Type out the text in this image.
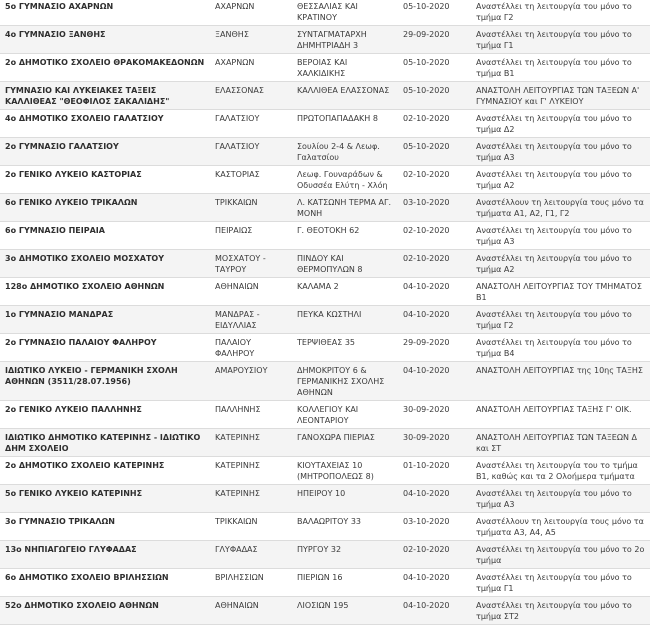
5ο ΓΥΜΝΑΣΙΟ ΑΧΑΡΝΩΝ	ΑΧΑΡΝΩΝ	ΘΕΣΣΑΛΙΑΣ ΚΑΙ ΚΡΑΤΙΝΟΥ	05-10-2020	Αναστέλλει τη λειτουργία του μόνο το τμήμα Γ2
4ο ΓΥΜΝΑΣΙΟ ΞΑΝΘΗΣ	ΞΑΝΘΗΣ	ΣΥΝΤΑΓΜΑΤΑΡΧΗ ΔΗΜΗΤΡΙΑΔΗ 3	29-09-2020	Αναστέλλει τη λειτουργία του μόνο το τμήμα Γ1
2ο ΔΗΜΟΤΙΚΟ ΣΧΟΛΕΙΟ ΘΡΑΚΟΜΑΚΕΔΟΝΩΝ	ΑΧΑΡΝΩΝ	ΒΕΡΟΙΑΣ ΚΑΙ ΧΑΛΚΙΔΙΚΗΣ	05-10-2020	Αναστέλλει τη λειτουργία του μόνο το τμήμα Β1
ΓΥΜΝΑΣΙΟ ΚΑΙ ΛΥΚΕΙΑΚΕΣ ΤΑΞΕΙΣ ΚΑΛΛΙΘΕΑΣ "ΘΕΟΦΙΛΟΣ ΣΑΚΑΛΙΔΗΣ"	ΕΛΑΣΣΟΝΑΣ	ΚΑΛΛΙΘΕΑ ΕΛΑΣΣΟΝΑΣ	05-10-2020	ΑΝΑΣΤΟΛΗ ΛΕΙΤΟΥΡΓΙΑΣ ΤΩΝ ΤΑΞΕΩΝ Α' ΓΥΜΝΑΣΙΟΥ και Γ' ΛΥΚΕΙΟΥ
4ο ΔΗΜΟΤΙΚΟ ΣΧΟΛΕΙΟ ΓΑΛΑΤΣΙΟΥ	ΓΑΛΑΤΣΙΟΥ	ΠΡΩΤΟΠΑΠΑΔΑΚΗ 8	02-10-2020	Αναστέλλει τη λειτουργία του μόνο το τμήμα Δ2
2ο ΓΥΜΝΑΣΙΟ ΓΑΛΑΤΣΙΟΥ	ΓΑΛΑΤΣΙΟΥ	Σουλίου 2-4 & Λεωφ. Γαλατσίου	05-10-2020	Αναστέλλει τη λειτουργία του μόνο το τμήμα Α3
2ο ΓΕΝΙΚΟ ΛΥΚΕΙΟ ΚΑΣΤΟΡΙΑΣ	ΚΑΣΤΟΡΙΑΣ	Λεωφ. Γουναράδων & Οδυσσέα Ελύτη - Χλόη	02-10-2020	Αναστέλλει τη λειτουργία του μόνο το τμήμα Α2
6ο ΓΕΝΙΚΟ ΛΥΚΕΙΟ ΤΡΙΚΑΛΩΝ	ΤΡΙΚΚΑΙΩΝ	Λ. ΚΑΤΣΩΝΗ ΤΕΡΜΑ ΑΓ. ΜΟΝΗ	03-10-2020	Αναστέλλουν τη λειτουργία τους μόνο τα τμήματα Α1, Α2, Γ1, Γ2
6ο ΓΥΜΝΑΣΙΟ ΠΕΙΡΑΙΑ	ΠΕΙΡΑΙΩΣ	Γ. ΘΕΟΤΟΚΗ 62	02-10-2020	Αναστέλλει τη λειτουργία του μόνο το τμήμα Α3
3ο ΔΗΜΟΤΙΚΟ ΣΧΟΛΕΙΟ ΜΟΣΧΑΤΟΥ	ΜΟΣΧΑΤΟΥ - ΤΑΥΡΟΥ	ΠΙΝΔΟΥ ΚΑΙ ΘΕΡΜΟΠΥΛΩΝ 8	02-10-2020	Αναστέλλει τη λειτουργία του μόνο το τμήμα Α2
128ο ΔΗΜΟΤΙΚΟ ΣΧΟΛΕΙΟ ΑΘΗΝΩΝ	ΑΘΗΝΑΙΩΝ	ΚΑΛΑΜΑ 2	04-10-2020	ΑΝΑΣΤΟΛΗ ΛΕΙΤΟΥΡΓΙΑΣ ΤΟΥ ΤΜΗΜΑΤΟΣ Β1
1ο ΓΥΜΝΑΣΙΟ ΜΑΝΔΡΑΣ	ΜΑΝΔΡΑΣ - ΕΙΔΥΛΛΙΑΣ	ΠΕΥΚΑ ΚΩΣΤΗΛΙ	04-10-2020	Αναστέλλει τη λειτουργία του μόνο το τμήμα Γ2
2ο ΓΥΜΝΑΣΙΟ ΠΑΛΑΙΟΥ ΦΑΛΗΡΟΥ	ΠΑΛΑΙΟΥ ΦΑΛΗΡΟΥ	ΤΕΡΨΙΘΕΑΣ 35	29-09-2020	Αναστέλλει τη λειτουργία του μόνο το τμήμα Β4
ΙΔΙΩΤΙΚΟ ΛΥΚΕΙΟ - ΓΕΡΜΑΝΙΚΗ ΣΧΟΛΗ ΑΘΗΝΩΝ (3511/28.07.1956)	ΑΜΑΡΟΥΣΙΟΥ	ΔΗΜΟΚΡΙΤΟΥ 6 & ΓΕΡΜΑΝΙΚΗΣ ΣΧΟΛΗΣ ΑΘΗΝΩΝ	04-10-2020	ΑΝΑΣΤΟΛΗ ΛΕΙΤΟΥΡΓΙΑΣ της 10ης ΤΑΞΗΣ
2ο ΓΕΝΙΚΟ ΛΥΚΕΙΟ ΠΑΛΛΗΝΗΣ	ΠΑΛΛΗΝΗΣ	ΚΟΛΛΕΓΙΟΥ ΚΑΙ ΛΕΟΝΤΑΡΙΟΥ	30-09-2020	ΑΝΑΣΤΟΛΗ ΛΕΙΤΟΥΡΓΙΑΣ ΤΑΞΗΣ Γ' ΟΙΚ.
ΙΔΙΩΤΙΚΟ ΔΗΜΟΤΙΚΟ ΚΑΤΕΡΙΝΗΣ - ΙΔΙΩΤΙΚΟ ΔΗΜ ΣΧΟΛΕΙΟ	ΚΑΤΕΡΙΝΗΣ	ΓΑΝΟΧΩΡΑ ΠΙΕΡΙΑΣ	30-09-2020	ΑΝΑΣΤΟΛΗ ΛΕΙΤΟΥΡΓΙΑΣ ΤΩΝ ΤΑΞΕΩΝ Δ και ΣΤ
2ο ΔΗΜΟΤΙΚΟ ΣΧΟΛΕΙΟ ΚΑΤΕΡΙΝΗΣ	ΚΑΤΕΡΙΝΗΣ	ΚΙΟΥΤΑΧΕΙΑΣ 10 (ΜΗΤΡΟΠΟΛΕΩΣ 8)	01-10-2020	Αναστέλλει τη λειτουργία του το τμήμα Β1, καθώς και τα 2 Ολοήμερα τμήματα
5ο ΓΕΝΙΚΟ ΛΥΚΕΙΟ ΚΑΤΕΡΙΝΗΣ	ΚΑΤΕΡΙΝΗΣ	ΗΠΕΙΡΟΥ 10	04-10-2020	Αναστέλλει τη λειτουργία του μόνο το τμήμα Α3
3ο ΓΥΜΝΑΣΙΟ ΤΡΙΚΑΛΩΝ	ΤΡΙΚΚΑΙΩΝ	ΒΑΛΑΩΡΙΤΟΥ 33	03-10-2020	Αναστέλλουν τη λειτουργία τους μόνο τα τμήματα Α3, Α4, Α5
13ο ΝΗΠΙΑΓΩΓΕΙΟ ΓΛΥΦΑΔΑΣ	ΓΛΥΦΑΔΑΣ	ΠΥΡΓΟΥ 32	02-10-2020	Αναστέλλει τη λειτουργία του μόνο το 2ο τμήμα
6ο ΔΗΜΟΤΙΚΟ ΣΧΟΛΕΙΟ ΒΡΙΛΗΣΣΙΩΝ	ΒΡΙΛΗΣΣΙΩΝ	ΠΙΕΡΙΩΝ 16	04-10-2020	Αναστέλλει τη λειτουργία του μόνο το τμήμα Γ1
52ο ΔΗΜΟΤΙΚΟ ΣΧΟΛΕΙΟ ΑΘΗΝΩΝ	ΑΘΗΝΑΙΩΝ	ΛΙΟΣΙΩΝ 195	04-10-2020	Αναστέλλει τη λειτουργία του μόνο το τμήμα ΣΤ2
